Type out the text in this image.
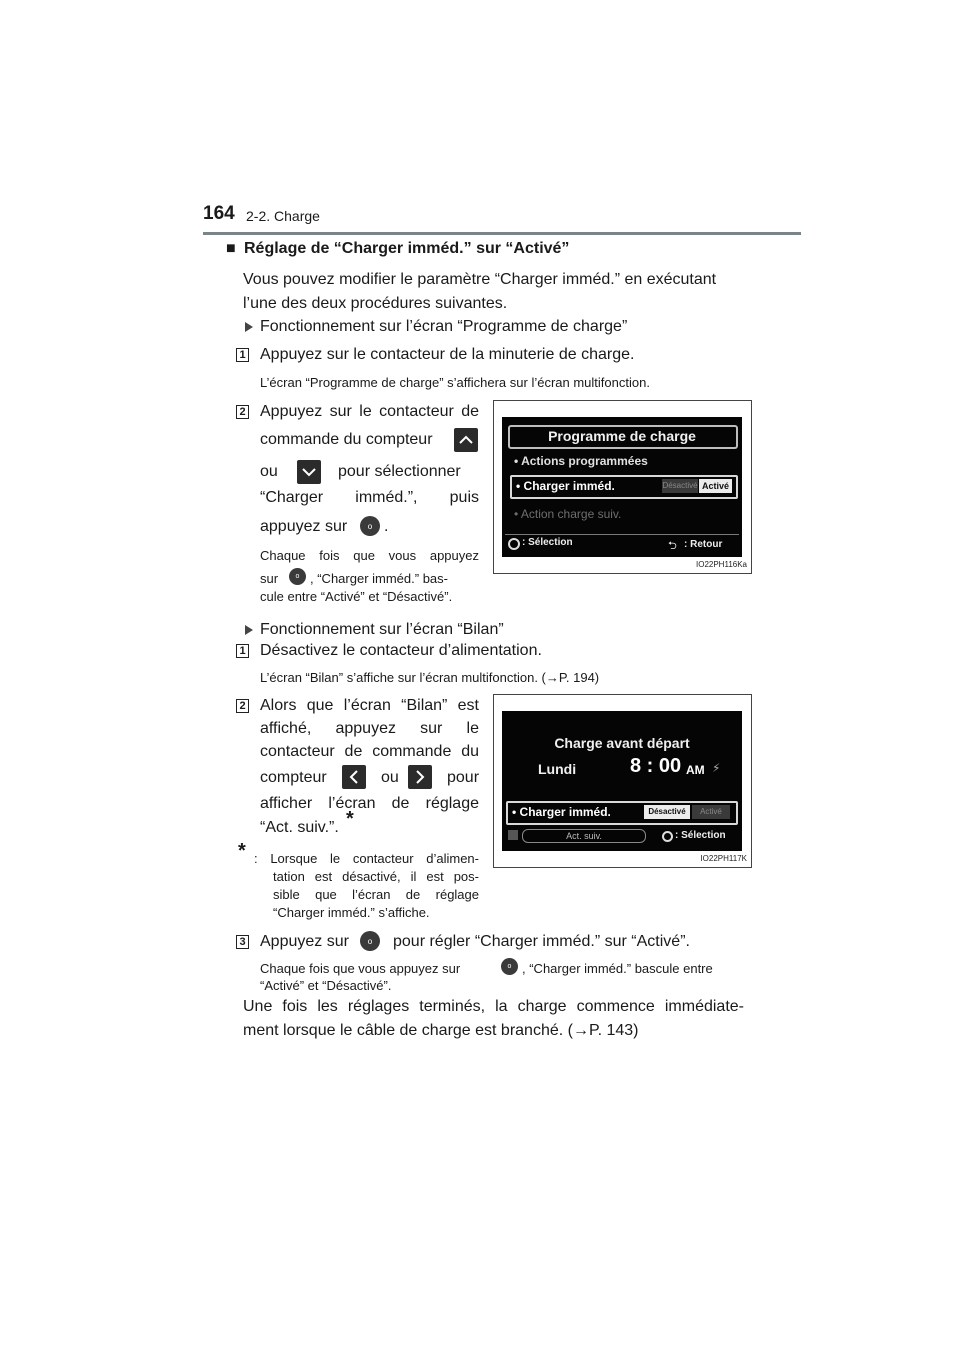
164 2-2. Charge
■ Réglage de “Charger imméd.” sur “Activé”
Vous pouvez modifier le paramètre “Charger imméd.” en exécutant
l’une des deux procédures suivantes.
Fonctionnement sur l’écran “Programme de charge”
1 Appuyez sur le contacteur de la minuterie de charge.
L’écran “Programme de charge” s’affichera sur l’écran multifonction.
2 Appuyez sur le contacteur de
commande du compteur
ou	pour sélectionner
“Charger imméd.”, puis
appuyez sur	o .
Chaque fois que vous appuyez
sur	o , “Charger imméd.” bas-
cule entre “Activé” et “Désactivé”.
Programme de charge
• Actions programmées
• Charger imméd.	Désactivé Activé
• Action charge suiv.
: Sélection	⮌ : Retour
IO22PH116Ka
Fonctionnement sur l’écran “Bilan”
1 Désactivez le contacteur d’alimentation.
L’écran “Bilan” s’affiche sur l’écran multifonction. (→P. 194)
2 Alors que l’écran “Bilan” est
affiché, appuyez sur le
contacteur de commande du
compteur	ou	pour
afficher l’écran de réglage
“Act. suiv.”. *
* : Lorsque le contacteur d’alimen-
tation est désactivé, il est pos-
sible que l’écran de réglage
“Charger imméd.” s’affiche.
Charge avant départ
Lundi	8 : 00 AM ⚡
• Charger imméd.	Désactivé	Activé
Act. suiv.	: Sélection
IO22PH117K
3 Appuyez sur	o	pour régler “Charger imméd.” sur “Activé”.
Chaque fois que vous appuyez sur	o , “Charger imméd.” bascule entre
“Activé” et “Désactivé”.
Une fois les réglages terminés, la charge commence immédiate-
ment lorsque le câble de charge est branché. (→P. 143)
